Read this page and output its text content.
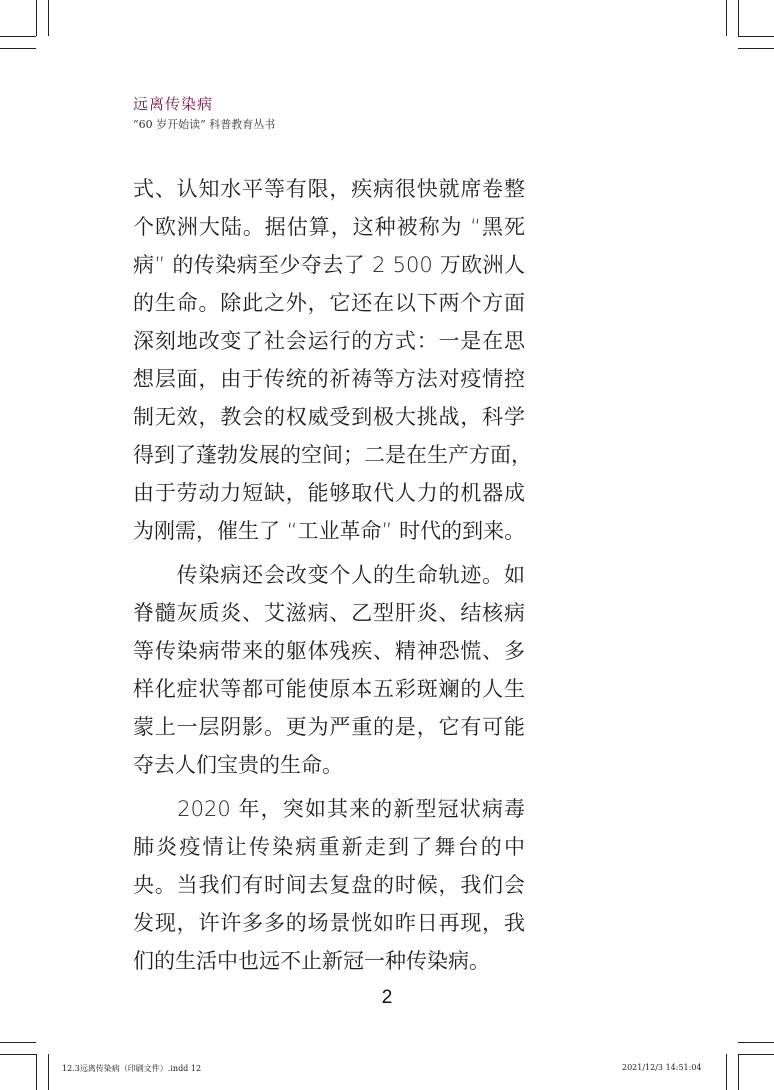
远离传染病
“60 岁开始读” 科普教育丛书
式、认知水平等有限，疾病很快就席卷整
个欧洲大陆。据估算，这种被称为 “黑死
病” 的传染病至少夺去了 2 500 万欧洲人
的生命。除此之外，它还在以下两个方面
深刻地改变了社会运行的方式：一是在思
想层面，由于传统的祈祷等方法对疫情控
制无效，教会的权威受到极大挑战，科学
得到了蓬勃发展的空间；二是在生产方面，
由于劳动力短缺，能够取代人力的机器成
为刚需，催生了 “工业革命” 时代的到来。
　　传染病还会改变个人的生命轨迹。如
脊髓灰质炎、艾滋病、乙型肝炎、结核病
等传染病带来的躯体残疾、精神恐慌、多
样化症状等都可能使原本五彩斑斓的人生
蒙上一层阴影。更为严重的是，它有可能
夺去人们宝贵的生命。
　　2020 年，突如其来的新型冠状病毒
肺炎疫情让传染病重新走到了舞台的中
央。当我们有时间去复盘的时候，我们会
发现，许许多多的场景恍如昨日再现，我
们的生活中也远不止新冠一种传染病。
2
12.3远离传染病（印刷文件）.indd 12	2021/12/3 14:51:04
